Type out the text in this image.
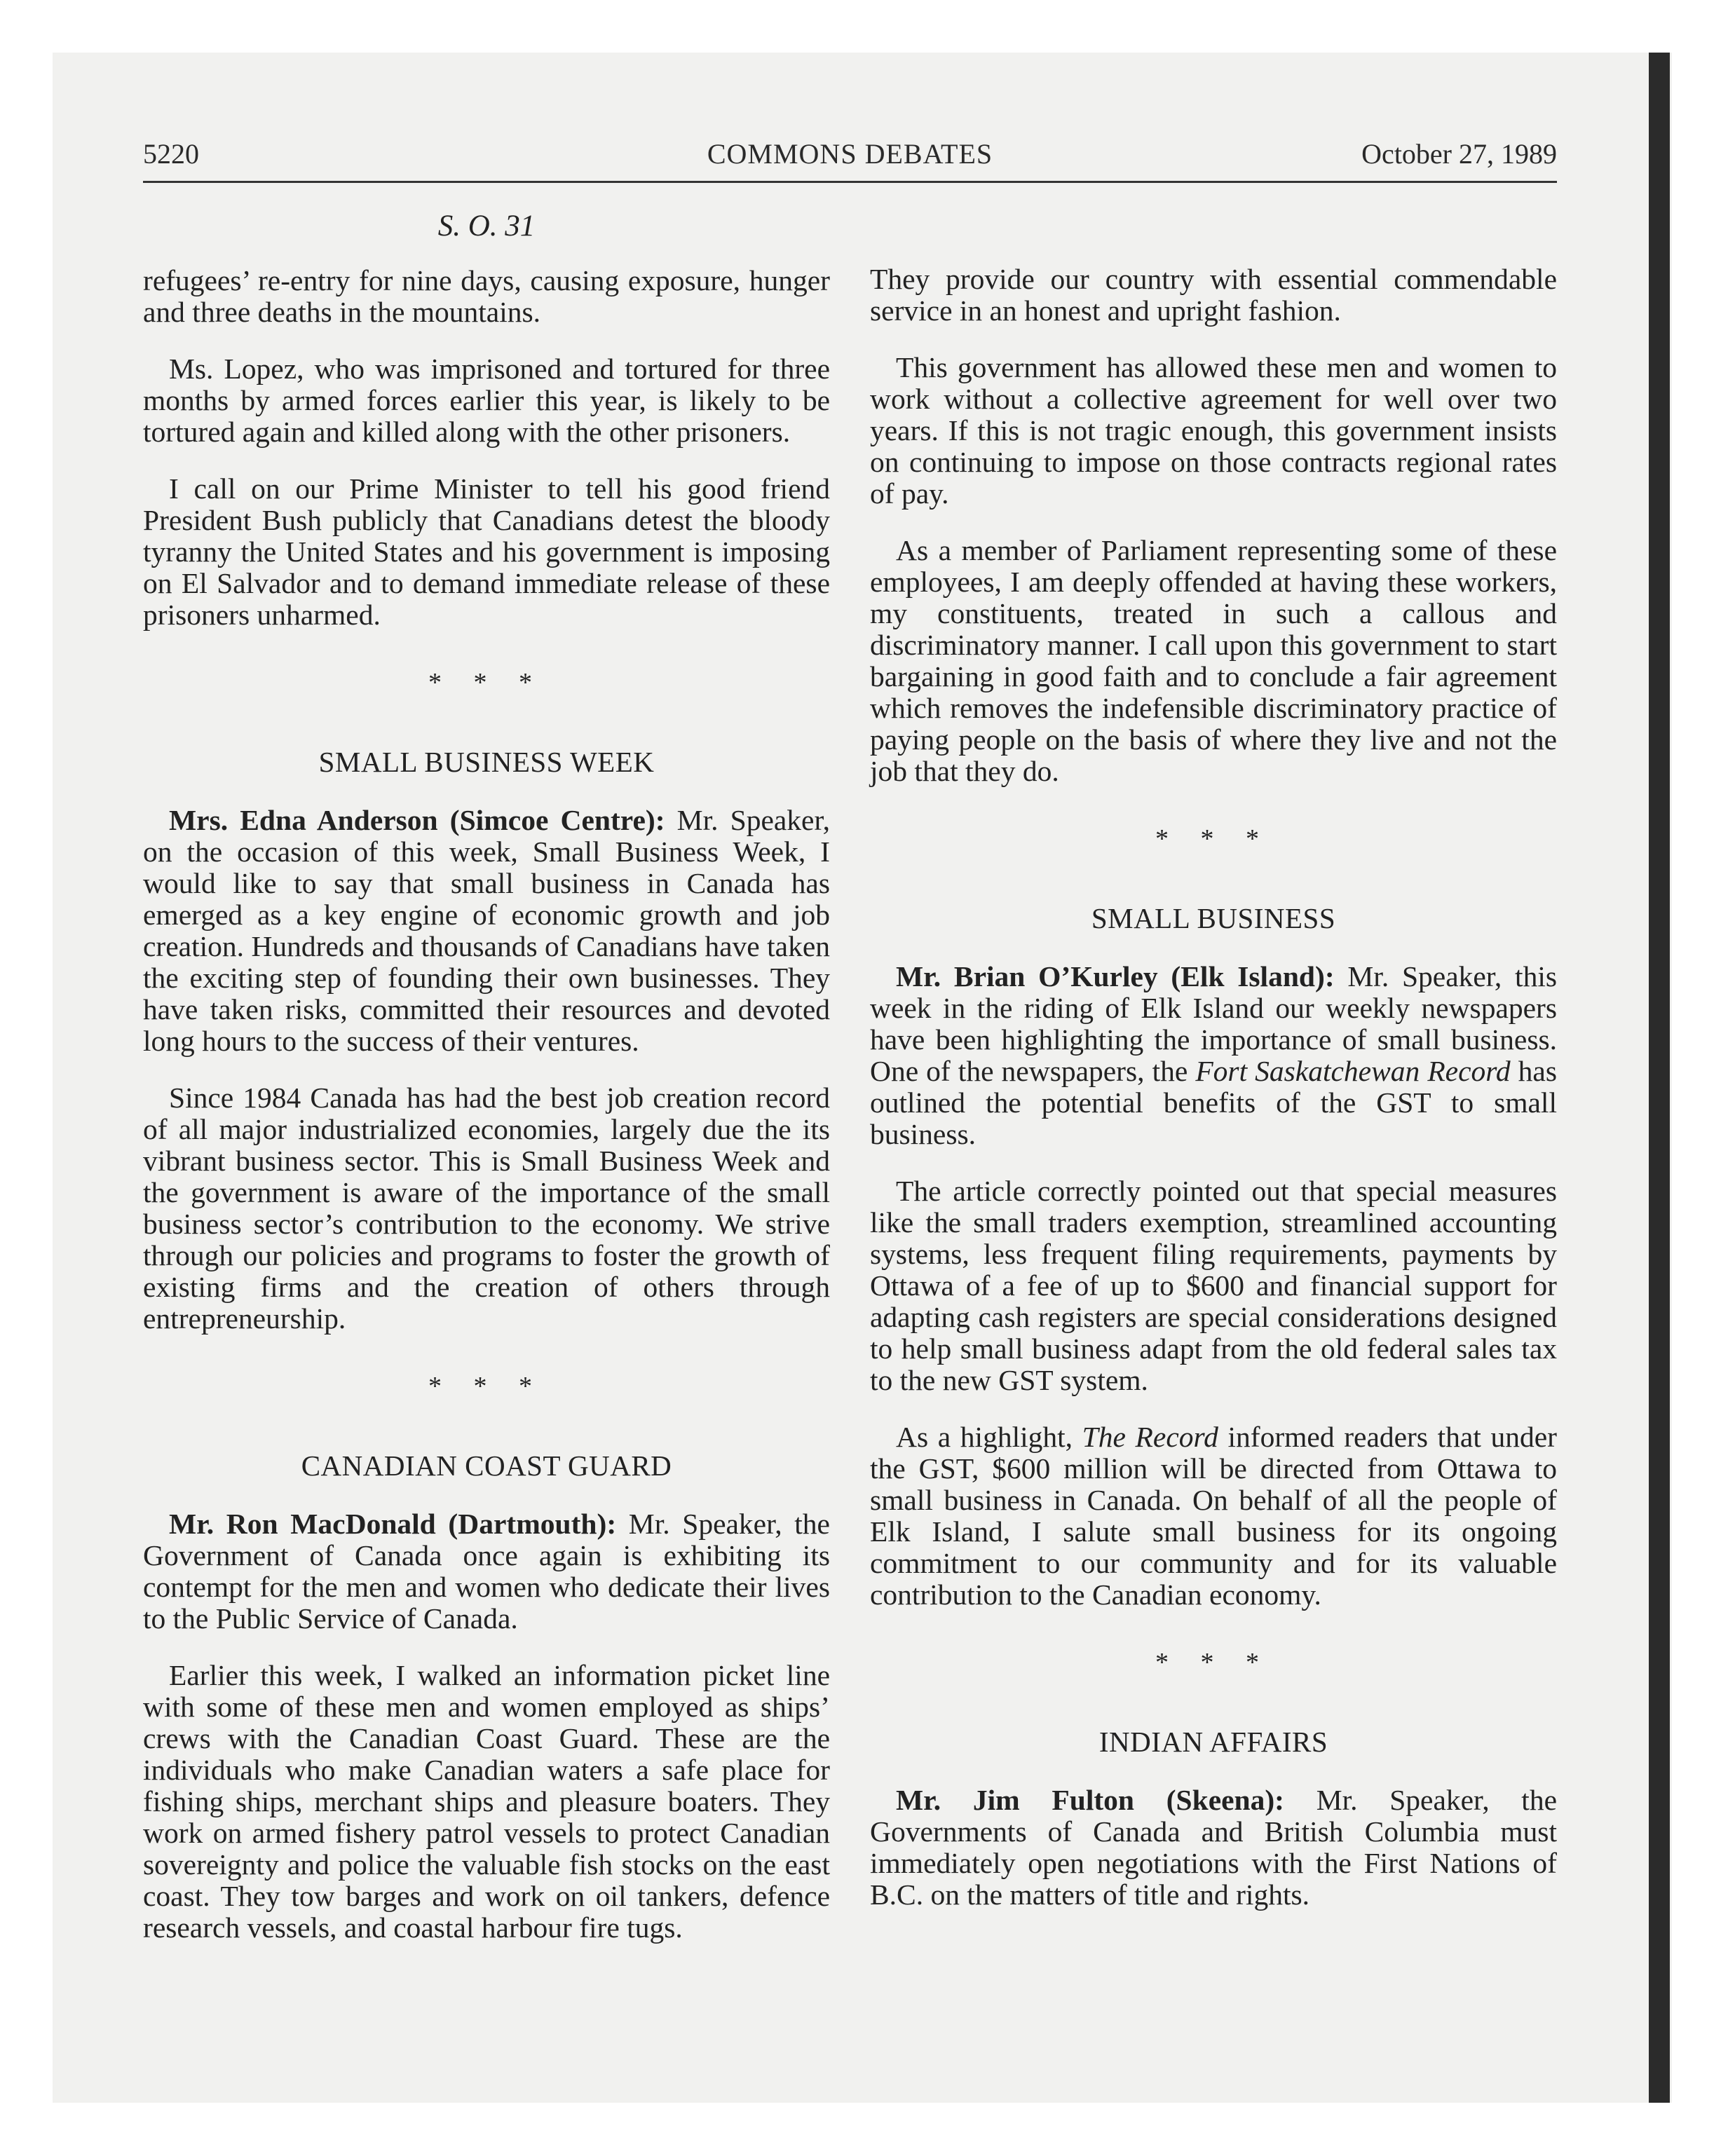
5220	COMMONS DEBATES	October 27, 1989
S. O. 31

refugees’ re-entry for nine days, causing exposure, hunger and three deaths in the mountains.

Ms. Lopez, who was imprisoned and tortured for three months by armed forces earlier this year, is likely to be tortured again and killed along with the other prisoners.

I call on our Prime Minister to tell his good friend President Bush publicly that Canadians detest the bloody tyranny the United States and his government is imposing on El Salvador and to demand immediate release of these prisoners unharmed.

* * *
SMALL BUSINESS WEEK

Mrs. Edna Anderson (Simcoe Centre): Mr. Speaker, on the occasion of this week, Small Business Week, I would like to say that small business in Canada has emerged as a key engine of economic growth and job creation. Hundreds and thousands of Canadians have taken the exciting step of founding their own businesses. They have taken risks, committed their resources and devoted long hours to the success of their ventures.

Since 1984 Canada has had the best job creation record of all major industrialized economies, largely due the its vibrant business sector. This is Small Business Week and the government is aware of the importance of the small business sector’s contribution to the economy. We strive through our policies and programs to foster the growth of existing firms and the creation of others through entrepreneurship.

* * *
CANADIAN COAST GUARD

Mr. Ron MacDonald (Dartmouth): Mr. Speaker, the Government of Canada once again is exhibiting its contempt for the men and women who dedicate their lives to the Public Service of Canada.

Earlier this week, I walked an information picket line with some of these men and women employed as ships’ crews with the Canadian Coast Guard. These are the individuals who make Canadian waters a safe place for fishing ships, merchant ships and pleasure boaters. They work on armed fishery patrol vessels to protect Canadian sovereignty and police the valuable fish stocks on the east coast. They tow barges and work on oil tankers, defence research vessels, and coastal harbour fire tugs.

They provide our country with essential commendable service in an honest and upright fashion.

This government has allowed these men and women to work without a collective agreement for well over two years. If this is not tragic enough, this government insists on continuing to impose on those contracts regional rates of pay.

As a member of Parliament representing some of these employees, I am deeply offended at having these workers, my constituents, treated in such a callous and discriminatory manner. I call upon this government to start bargaining in good faith and to conclude a fair agreement which removes the indefensible discriminatory practice of paying people on the basis of where they live and not the job that they do.

* * *
SMALL BUSINESS

Mr. Brian O’Kurley (Elk Island): Mr. Speaker, this week in the riding of Elk Island our weekly newspapers have been highlighting the importance of small business. One of the newspapers, the Fort Saskatchewan Record has outlined the potential benefits of the GST to small business.

The article correctly pointed out that special measures like the small traders exemption, streamlined accounting systems, less frequent filing requirements, payments by Ottawa of a fee of up to $600 and financial support for adapting cash registers are special considerations designed to help small business adapt from the old federal sales tax to the new GST system.

As a highlight, The Record informed readers that under the GST, $600 million will be directed from Ottawa to small business in Canada. On behalf of all the people of Elk Island, I salute small business for its ongoing commitment to our community and for its valuable contribution to the Canadian economy.

* * *
INDIAN AFFAIRS

Mr. Jim Fulton (Skeena): Mr. Speaker, the Governments of Canada and British Columbia must immediately open negotiations with the First Nations of B.C. on the matters of title and rights.
